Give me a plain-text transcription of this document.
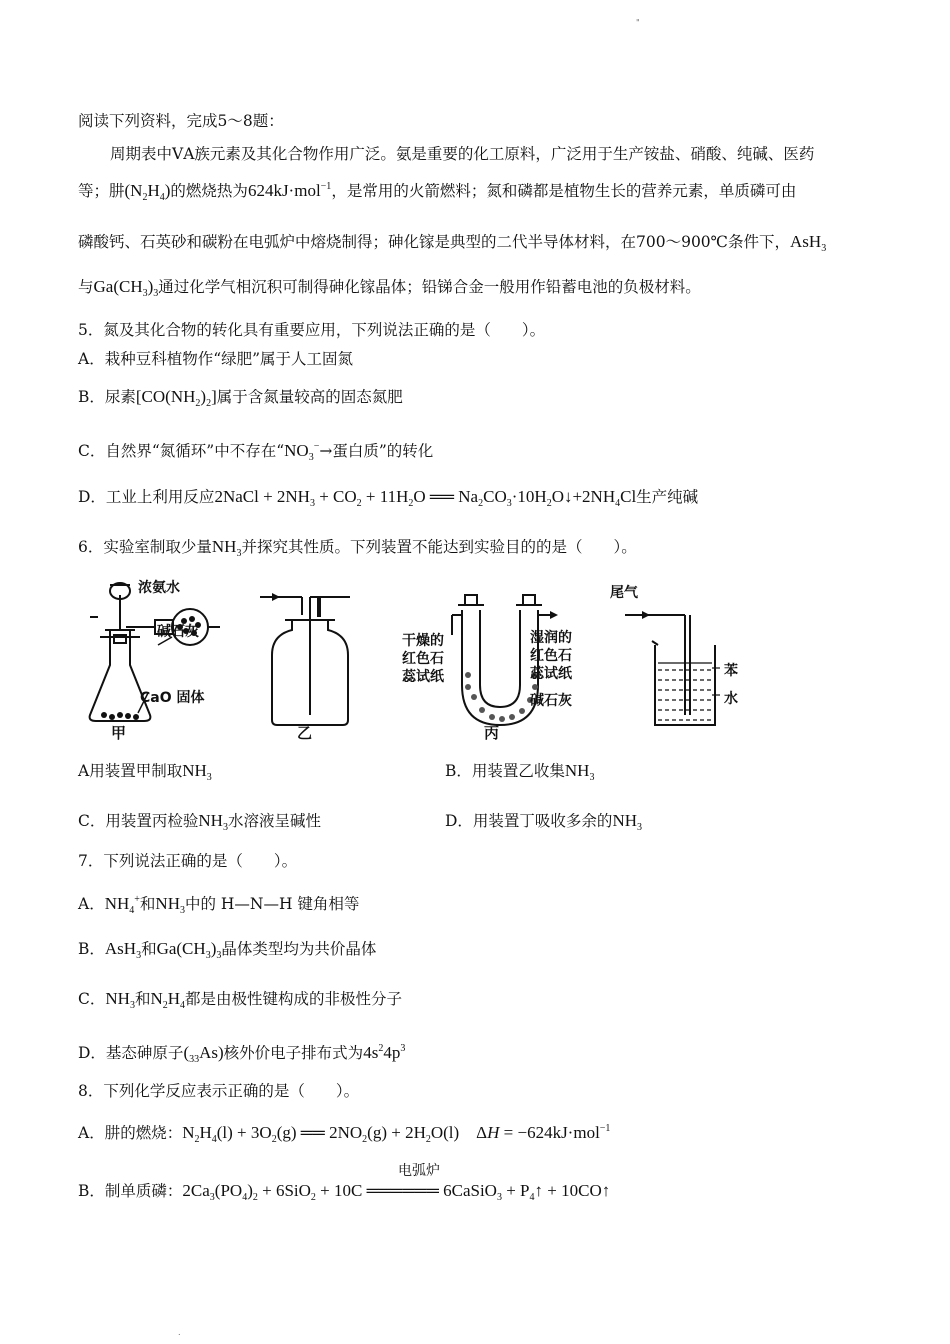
"
阅读下列资料，完成5～8题：
周期表中ⅤA族元素及其化合物作用广泛。氨是重要的化工原料，广泛用于生产铵盐、硝酸、纯碱、医药
等；肼$(N_2H_4)$的燃烧热为624kJ·mol$^{-1}$，是常用的火箭燃料；氮和磷都是植物生长的营养元素，单质磷可由
磷酸钙、石英砂和碳粉在电弧炉中熔烧制得；砷化镓是典型的二代半导体材料，在700～900℃条件下，AsH$_3$
与$Ga(CH_3)_3$通过化学气相沉积可制得砷化镓晶体；铅锑合金一般用作铅蓄电池的负极材料。
5．氮及其化合物的转化具有重要应用，下列说法正确的是（　　）。
A．栽种豆科植物作“绿肥”属于人工固氮
B．尿素$[CO(NH_2)_2]$属于含氮量较高的固态氮肥
C．自然界“氮循环”中不存在“$NO_3^-\to$蛋白质”的转化
D．工业上利用反应2NaCl + $2NH_3 + CO_2 + 11H_2O$ ══ $Na_2CO_3\cdot 10H_2O↓+2NH_4Cl$生产纯碱
6．实验室制取少量$NH_3$并探究其性质。下列装置不能达到实验目的的是（　　）。
浓氨水
碱石灰
CaO 固体
干燥的
红色石
蕊试纸
湿润的
红色石
蕊试纸
碱石灰
尾气
苯
水
甲	乙	丙
A用装置甲制取$NH_3$	B．用装置乙收集$NH_3$
C．用装置丙检验$NH_3$水溶液呈碱性	D．用装置丁吸收多余的$NH_3$
7．下列说法正确的是（　　）。
A．$NH_4^+$和$NH_3$中的 H—N—H 键角相等
B．AsH$_3$和$Ga(CH_3)_3$晶体类型均为共价晶体
C．$NH_3$和$N_2H_4$都是由极性键构成的非极性分子
D．基态砷原子$(_{33}As)$核外价电子排布式为$4s^24p^3$
8．下列化学反应表示正确的是（　　）。
A．肼的燃烧：$N_2H_4(l) + 3O_2(g)$ ══ $2NO_2(g) + 2H_2O(l)$    ΔH = −624kJ·mol$^{-1}$
电弧炉
B．制单质磷：$2Ca_3(PO_4)_2 + 6SiO_2 + 10C$ ══════ 6CaSiO$_3$ + $P_4↑$ + 10CO↑
.
